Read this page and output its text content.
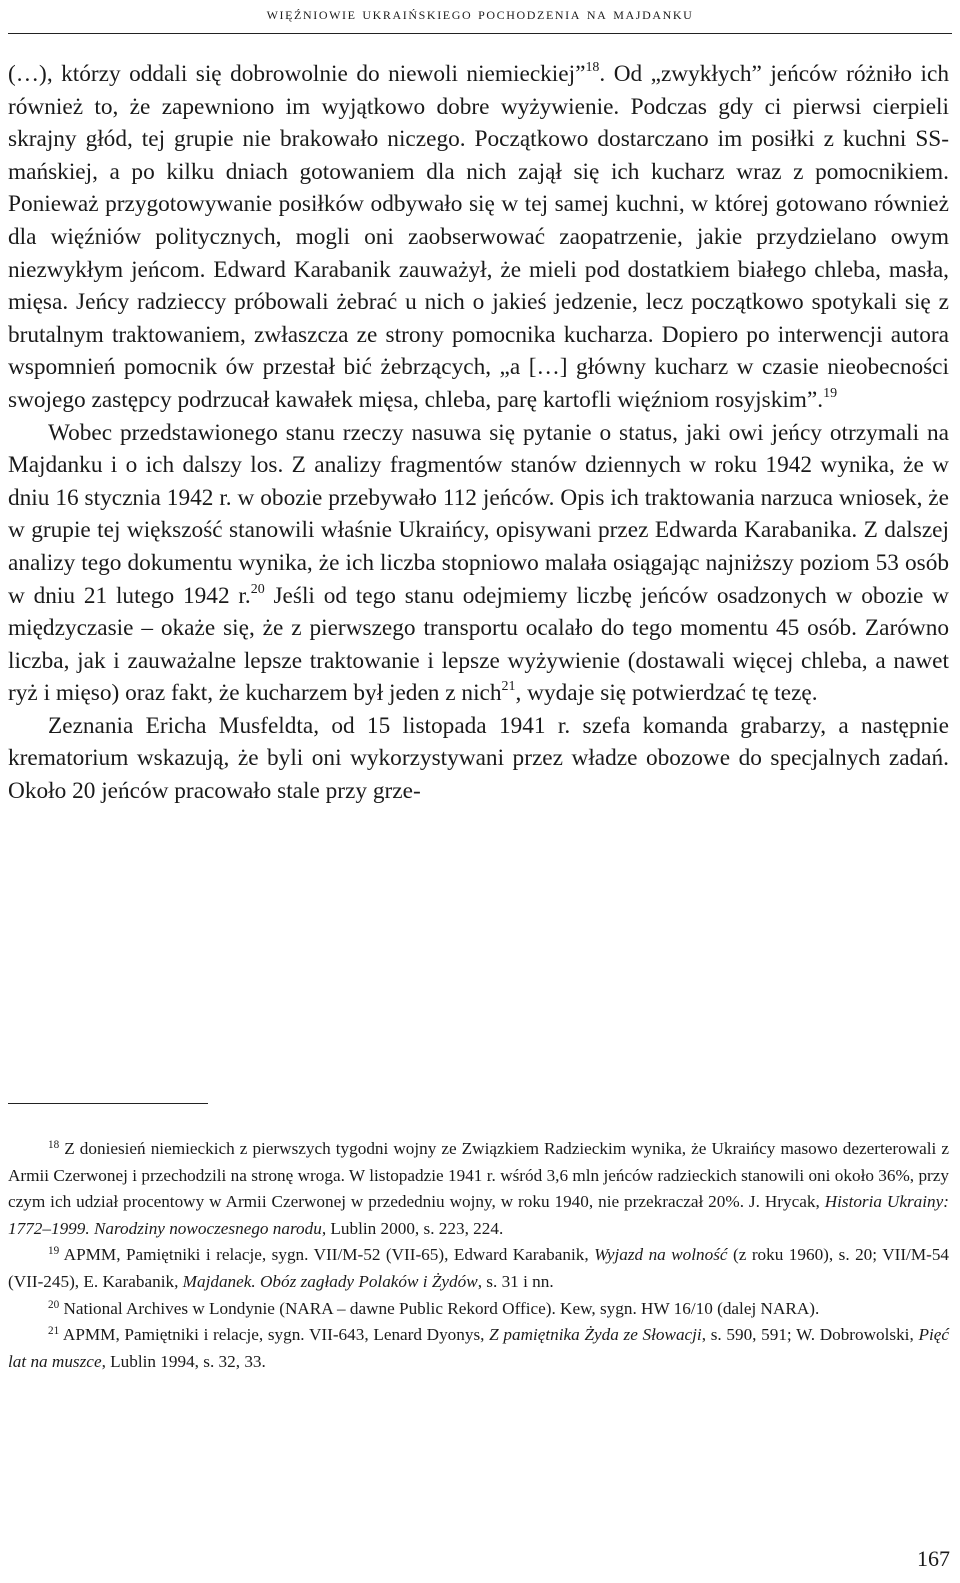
więźniowie ukraińskiego pochodzenia na majdanku

(…), którzy oddali się dobrowolnie do niewoli niemieckiej”$^{18}$. Od „zwykłych” jeńców różniło ich również to, że zapewniono im wyjątkowo dobre wyżywienie. Podczas gdy ci pierwsi cierpieli skrajny głód, tej grupie nie brakowało niczego. Początkowo dostarczano im posiłki z kuchni SS-mańskiej, a po kilku dniach gotowaniem dla nich zajął się ich kucharz wraz z pomocnikiem. Ponieważ przygotowywanie posiłków odbywało się w tej samej kuchni, w której gotowano również dla więźniów politycznych, mogli oni zaobserwować zaopatrzenie, jakie przydzielano owym niezwykłym jeńcom. Edward Karabanik zauważył, że mieli pod dostatkiem białego chleba, masła, mięsa. Jeńcy radzieccy próbowali żebrać u nich o jakieś jedzenie, lecz początkowo spotykali się z brutalnym traktowaniem, zwłaszcza ze strony pomocnika kucharza. Dopiero po interwencji autora wspomnień pomocnik ów przestał bić żebrzących, „a […] główny kucharz w czasie nieobecności swojego zastępcy podrzucał kawałek mięsa, chleba, parę kartofli więźniom rosyjskim”.$^{19}$

Wobec przedstawionego stanu rzeczy nasuwa się pytanie o status, jaki owi jeńcy otrzymali na Majdanku i o ich dalszy los. Z analizy fragmentów stanów dziennych w roku 1942 wynika, że w dniu 16 stycznia 1942 r. w obozie przebywało 112 jeńców. Opis ich traktowania narzuca wniosek, że w grupie tej większość stanowili właśnie Ukraińcy, opisywani przez Edwarda Karabanika. Z dalszej analizy tego dokumentu wynika, że ich liczba stopniowo malała osiągając najniższy poziom 53 osób w dniu 21 lutego 1942 r.$^{20}$ Jeśli od tego stanu odejmiemy liczbę jeńców osadzonych w obozie w międzyczasie – okaże się, że z pierwszego transportu ocalało do tego momentu 45 osób. Zarówno liczba, jak i zauważalne lepsze traktowanie i lepsze wyżywienie (dostawali więcej chleba, a nawet ryż i mięso) oraz fakt, że kucharzem był jeden z nich$^{21}$, wydaje się potwierdzać tę tezę.

Zeznania Ericha Musfeldta, od 15 listopada 1941 r. szefa komanda grabarzy, a następnie krematorium wskazują, że byli oni wykorzystywani przez władze obozowe do specjalnych zadań. Około 20 jeńców pracowało stale przy grze-

$^{18}$ Z doniesień niemieckich z pierwszych tygodni wojny ze Związkiem Radzieckim wynika, że Ukraińcy masowo dezerterowali z Armii Czerwonej i przechodzili na stronę wroga. W listopadzie 1941 r. wśród 3,6 mln jeńców radzieckich stanowili oni około 36%, przy czym ich udział procentowy w Armii Czerwonej w przededniu wojny, w roku 1940, nie przekraczał 20%. J. Hrycak, Historia Ukrainy: 1772–1999. Narodziny nowoczesnego narodu, Lublin 2000, s. 223, 224.

$^{19}$ APMM, Pamiętniki i relacje, sygn. VII/M-52 (VII-65), Edward Karabanik, Wyjazd na wolność (z roku 1960), s. 20; VII/M-54 (VII-245), E. Karabanik, Majdanek. Obóz zagłady Polaków i Żydów, s. 31 i nn.

$^{20}$ National Archives w Londynie (NARA – dawne Public Rekord Office). Kew, sygn. HW 16/10 (dalej NARA).

$^{21}$ APMM, Pamiętniki i relacje, sygn. VII-643, Lenard Dyonys, Z pamiętnika Żyda ze Słowacji, s. 590, 591; W. Dobrowolski, Pięć lat na muszce, Lublin 1994, s. 32, 33.

167
